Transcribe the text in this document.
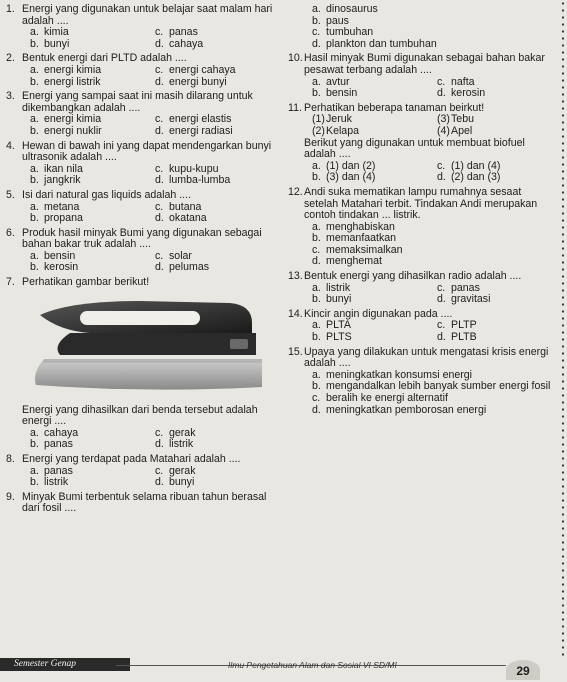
1. Energi yang digunakan untuk belajar saat malam hari adalah ....
a. kimia	c. panas
b. bunyi	d. cahaya
2. Bentuk energi dari PLTD adalah ....
a. energi kimia	c. energi cahaya
b. energi listrik	d. energi bunyi
3. Energi yang sampai saat ini masih dilarang untuk dikembangkan adalah ....
a. energi kimia	c. energi elastis
b. energi nuklir	d. energi radiasi
4. Hewan di bawah ini yang dapat mendengarkan bunyi ultrasonik adalah ....
a. ikan nila	c. kupu-kupu
b. jangkrik	d. lumba-lumba
5. Isi dari natural gas liquids adalah ....
a. metana	c. butana
b. propana	d. okatana
6. Produk hasil minyak Bumi yang digunakan sebagai bahan bakar truk adalah ....
a. bensin	c. solar
b. kerosin	d. pelumas
7. Perhatikan gambar berikut!
Energi yang dihasilkan dari benda tersebut adalah energi ....
a. cahaya	c. gerak
b. panas	d. listrik
8. Energi yang terdapat pada Matahari adalah ....
a. panas	c. gerak
b. listrik	d. bunyi
9. Minyak Bumi terbentuk selama ribuan tahun berasal dari fosil ....
a. dinosaurus
b. paus
c. tumbuhan
d. plankton dan tumbuhan
10. Hasil minyak Bumi digunakan sebagai bahan bakar pesawat terbang adalah ....
a. avtur	c. nafta
b. bensin	d. kerosin
11. Perhatikan beberapa tanaman beirkut!
(1) Jeruk	(3) Tebu
(2) Kelapa	(4) Apel
Berikut yang digunakan untuk membuat biofuel adalah ....
a. (1) dan (2)	c. (1) dan (4)
b. (3) dan (4)	d. (2) dan (3)
12. Andi suka mematikan lampu rumahnya sesaat setelah Matahari terbit. Tindakan Andi merupakan contoh tindakan ... listrik.
a. menghabiskan
b. memanfaatkan
c. memaksimalkan
d. menghemat
13. Bentuk energi yang dihasilkan radio adalah ....
a. listrik	c. panas
b. bunyi	d. gravitasi
14. Kincir angin digunakan pada ....
a. PLTA	c. PLTP
b. PLTS	d. PLTB
15. Upaya yang dilakukan untuk mengatasi krisis energi adalah ....
a. meningkatkan konsumsi energi
b. mengandalkan lebih banyak sumber energi fosil
c. beralih ke energi alternatif
d. meningkatkan pemborosan energi
Semester Genap	Ilmu Pengetahuan Alam dan Sosial VI SD/MI	29
